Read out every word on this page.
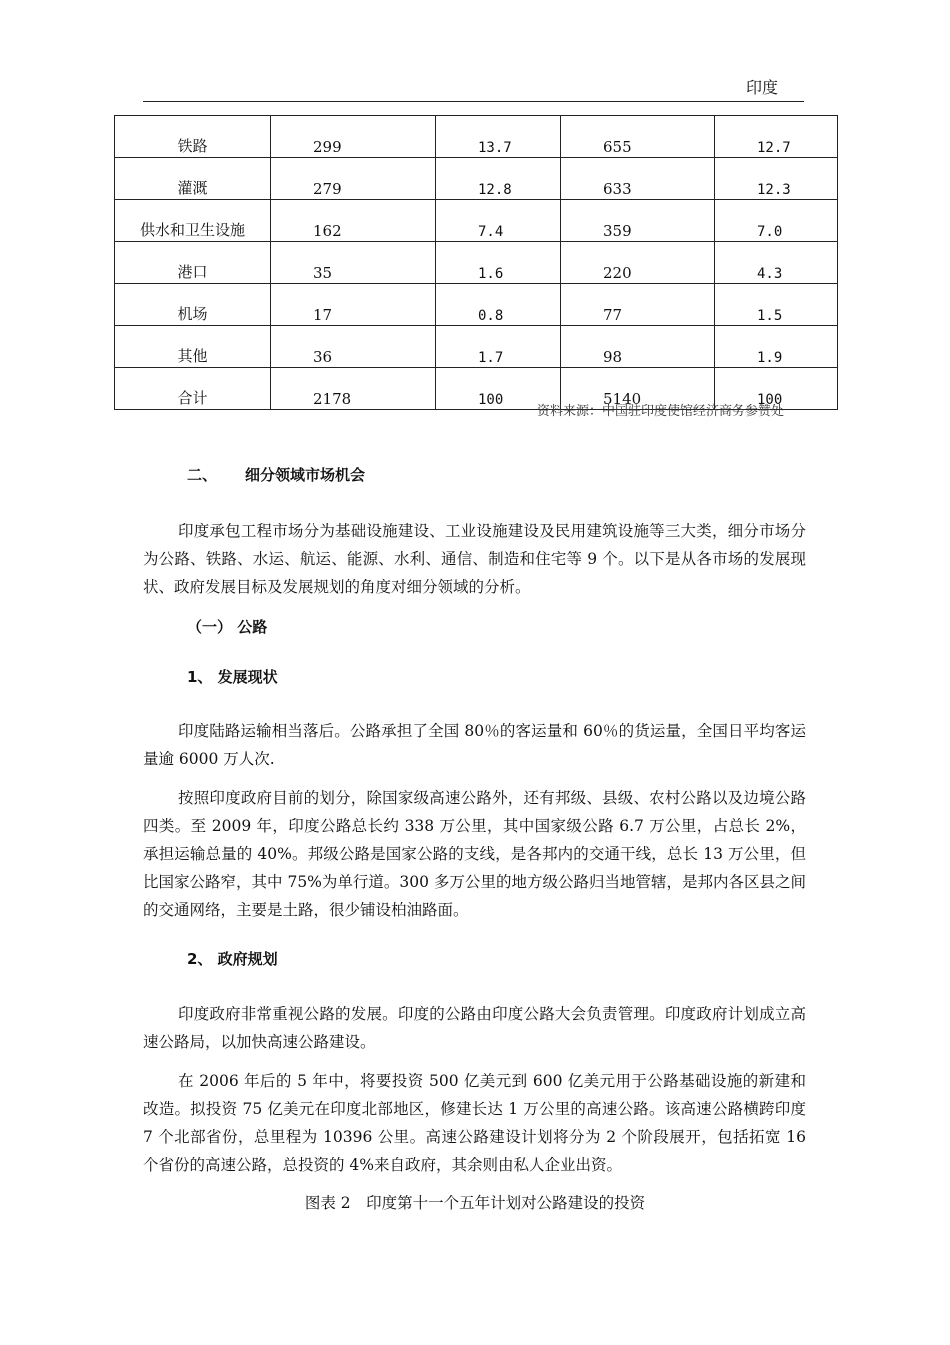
印度
铁路	299	13.7	655	12.7
灌溉	279	12.8	633	12.3
供水和卫生设施	162	7.4	359	7.0
港口	35	1.6	220	4.3
机场	17	0.8	77	1.5
其他	36	1.7	98	1.9
合计	2178	100	5140	100
资料来源：中国驻印度使馆经济商务参赞处
二、 细分领域市场机会
印度承包工程市场分为基础设施建设、工业设施建设及民用建筑设施等三大类，细分市场分为公路、铁路、水运、航运、能源、水利、通信、制造和住宅等 9 个。以下是从各市场的发展现状、政府发展目标及发展规划的角度对细分领域的分析。
（一） 公路
1、 发展现状
印度陆路运输相当落后。公路承担了全国 80％的客运量和 60％的货运量，全国日平均客运量逾 6000 万人次.
按照印度政府目前的划分，除国家级高速公路外，还有邦级、县级、农村公路以及边境公路四类。至 2009 年，印度公路总长约 338 万公里，其中国家级公路 6.7 万公里，占总长 2%，承担运输总量的 40%。邦级公路是国家公路的支线，是各邦内的交通干线，总长 13 万公里，但比国家公路窄，其中 75%为单行道。300 多万公里的地方级公路归当地管辖，是邦内各区县之间的交通网络，主要是土路，很少铺设柏油路面。
2、 政府规划
印度政府非常重视公路的发展。印度的公路由印度公路大会负责管理。印度政府计划成立高速公路局，以加快高速公路建设。
在 2006 年后的 5 年中，将要投资 500 亿美元到 600 亿美元用于公路基础设施的新建和改造。拟投资 75 亿美元在印度北部地区，修建长达 1 万公里的高速公路。该高速公路横跨印度 7 个北部省份，总里程为 10396 公里。高速公路建设计划将分为 2 个阶段展开，包括拓宽 16 个省份的高速公路，总投资的 4%来自政府，其余则由私人企业出资。
图表 2　印度第十一个五年计划对公路建设的投资
